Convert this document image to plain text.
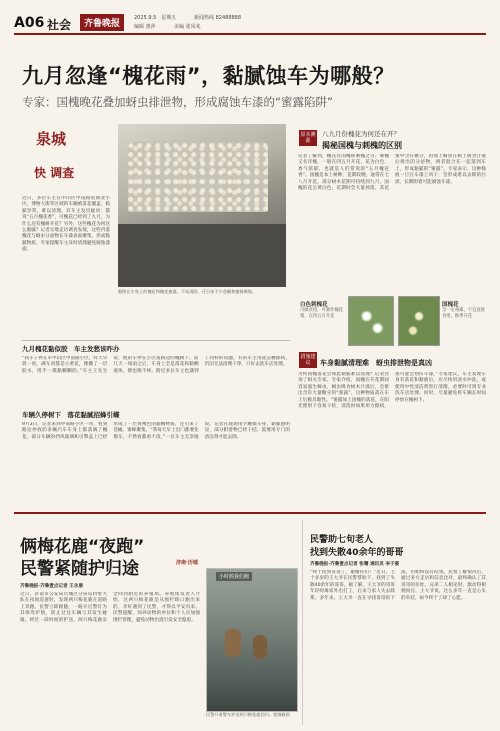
A06 社会	齐鲁晚报
2025.9.5　星期五	新闻热线 82488888
编辑 惠萍	美编 张凤兆
九月忽逢“槐花雨”，黏腻蚀车为哪般？
专家：国槐晚花叠加蚜虫排泄物，形成腐蚀车漆的“蜜露陷阱”
泉城
快 调查
近日，多位车主在中山区中南路星期北小区、博物大街等区域的车辆被落花覆盖，黏腻异常，难以清理。有车主发出疑问：都说“五月槐花香”，可槐花已经到了九月，为什么还有槐树开花？另外，这些槐花为何这么黏腻？记者实地走访调查发现，这些内落槐花与蚜虫分泌物在车漆表面聚集，形成黏腻物质，专家提醒车主及时清理避免腐蚀漆面。
黏附在车身上的槐花和槐花蜜露，不易清除，还引来不少苍蝇和蜜蜂聚集。
原本溯源
八九月份槐花为何还在开？
揭秘国槐与刺槐的区别
记者了解到，槐花有国槐和刺槐之分。刺槐又名洋槐，一般在四五月开花，花为白色，香气浓郁，也就是人们常说的“五月槐花香”。国槐是本土树种，花期较晚，通常在七八月开花，部分树木花期可持续到九月。国槐的花呈黄白色，花期时会大量掉落，其花蜜中含有糖分，再加上蚜虫在树上吸食汁液后排出的分泌物，两者混合在一起落到车上，形成黏腻的“蜜露”。专家表示，这种黏液一旦在车漆上风干，会形成难以去除的污渍，长期附着可能腐蚀车漆。
白色刺槐花
可做食用，可制作槐花蜜，在四五月开花
国槐花
含一定毒素，不宜直接食用，秋季开花
九月槐花黏似胶　车主发愁该咋办
“我车子停在市中山区中南路小区，昨天早晨一看，满车顶都是小黄花，像撒了一层胶水，用手一摸黏糊糊的。”车主王先生说，他的车停在小区道路边的槐树下，前几天一场雨之后，车身上全是落花和黏稠液体，擦也擦不掉。附近多位车主也遇到了同样的问题，有的车主用洗洁精擦拭，仍旧无法清理干净，只好去洗车店处理。
车辆久停树下　落花黏腻招蜂引蝶
9月3日，记者来到中南路小区一带，看到路边停放的多辆汽车车身上都落满了槐花，部分车辆的挡风玻璃和引擎盖上已经形成了一层黄褐色的黏稠物质，还引来了苍蝇、蜜蜂聚集。“我每天早上出门都要先擦车，不然看都看不清。”一位车主无奈地说。记者在现场用手触摸车身，黏腻感明显，部分附着物已经干结，需要用专门的清洁剂才能去除。
措施建议	车身黏腻清理难　蚜虫排泄物是真凶
为何国槐落花会如此黏腻难以清理？记者咨询了相关专家。专家介绍，国槐在开花期间容易滋生蚜虫，蚜虫吸食树木汁液后，会排出含有大量糖分的“蜜露”，这种物质落在车上后极具黏性。“蜜露加上国槐的落花，在阳光照射下容易干结，清洗时如果用力擦拭，很可能会划伤车漆。”专家建议，车主发现车身有落花和黏液后，应尽快用清水冲洗，或使用中性清洁剂进行清理，必要时可到专业洗车店处理。同时，尽量避免将车辆长时间停放在槐树下。
俩梅花鹿“夜跑”
民警紧随护归途	济南·历城
齐鲁晚报·齐鲁壹点记者 王永康
近日，济南市公安局历城区分局巡特警大队在夜间巡逻时，发现两只梅花鹿在道路上奔跑。民警立即跟随，一路开启警灯为其保驾护航，防止过往车辆与其发生碰撞。经过一段时间的护送，两只梅花鹿安全回到附近的养殖场。养殖场负责人介绍，这两只梅花鹿是从围栏缺口跑出来的，幸好遇到了民警，才得以平安归来。民警提醒，饲养动物的单位和个人应加强围栏管理，避免动物出逃引发安全隐患。
小时候我们跑
民警开着警车护送两只梅花鹿回归。视频截图
民警助七旬老人
找到失散40余年的哥哥
齐鲁晚报·齐鲁壹点记者 张曙 通讯员 李子豪
“终于找到哥哥了，谢谢你们！”近日，七十多岁的王大爷在民警帮助下，找到了失散40余年的哥哥。据了解，王大爷的哥哥年轻时离家外出打工，后来与家人失去联系。多年来，王大爷一直在寻找哥哥的下落，但始终没有结果。民警了解情况后，通过多方走访和信息比对，最终确认了其哥哥的住址。兄弟二人相见时，激动得相拥而泣。王大爷说，这么多年一直是心头的牵挂，如今终于了却了心愿。
